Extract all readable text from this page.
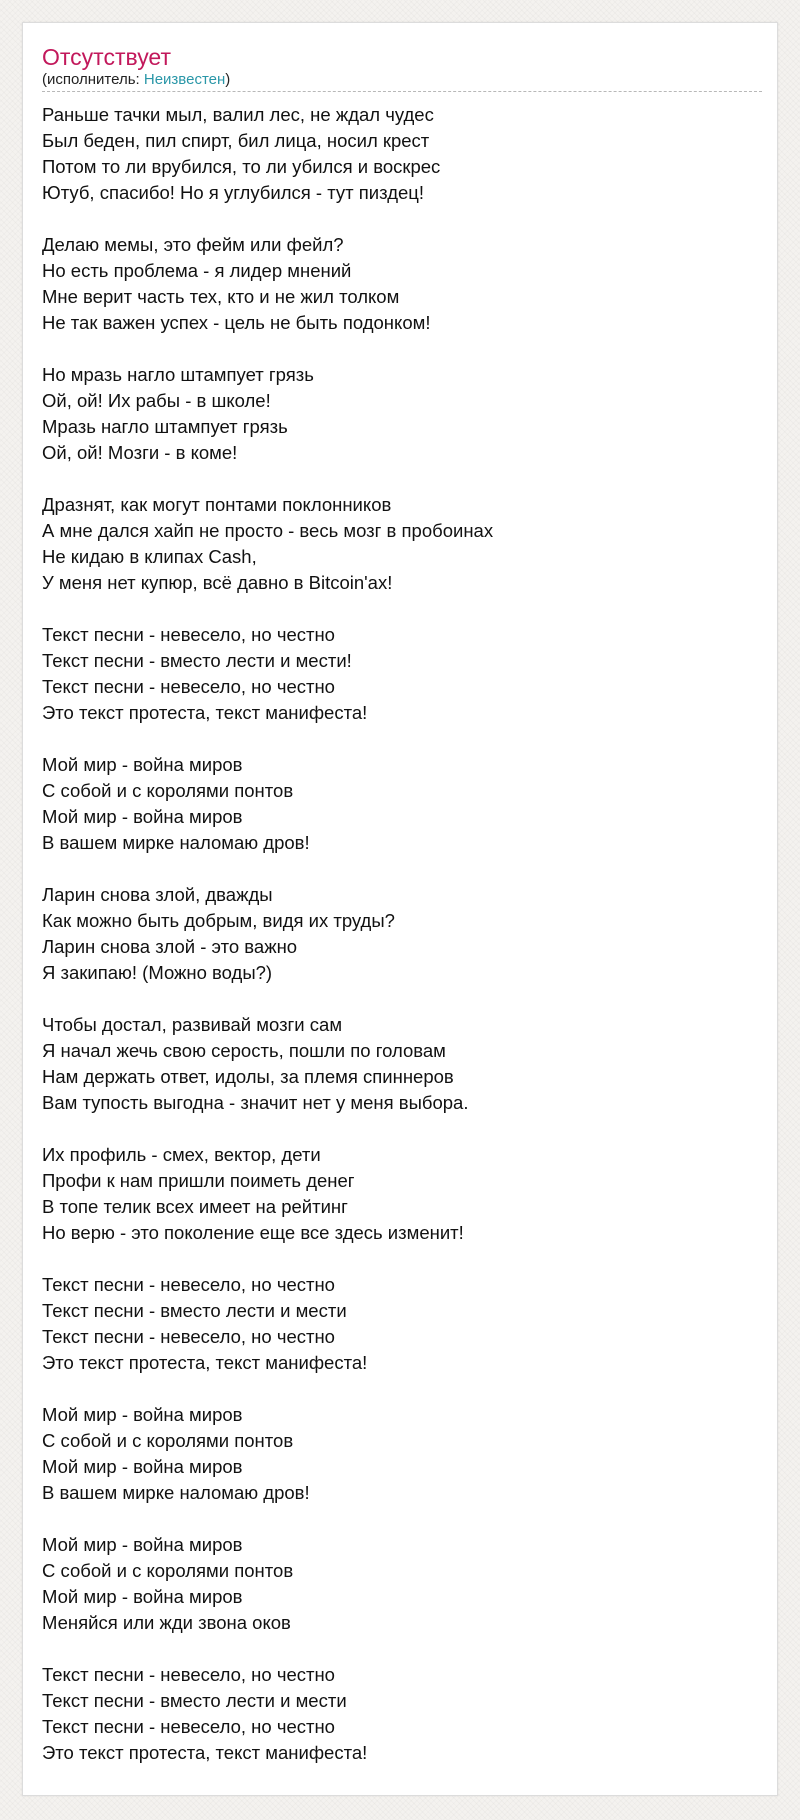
Отсутствует
(исполнитель: Неизвестен)
Раньше тачки мыл, валил лес, не ждал чудес
Был беден, пил спирт, бил лица, носил крест
Потом то ли врубился, то ли убился и воскрес
Ютуб, спасибо! Но я углубился - тут пиздец!
Делаю мемы, это фейм или фейл?
Но есть проблема - я лидер мнений
Мне верит часть тех, кто и не жил толком
Не так важен успех - цель не быть подонком!
Но мразь нагло штампует грязь
Ой, ой! Их рабы - в школе!
Мразь нагло штампует грязь
Ой, ой! Мозги - в коме!
Дразнят, как могут понтами поклонников
А мне дался хайп не просто - весь мозг в пробоинах
Не кидаю в клипах Cash,
У меня нет купюр, всё давно в Bitcoin'ах!
Текст песни - невесело, но честно
Текст песни - вместо лести и мести!
Текст песни - невесело, но честно
Это текст протеста, текст манифеста!
Мой мир - война миров
С собой и с королями понтов
Мой мир - война миров
В вашем мирке наломаю дров!
Ларин снова злой, дважды
Как можно быть добрым, видя их труды?
Ларин снова злой - это важно
Я закипаю! (Можно воды?)
Чтобы достал, развивай мозги сам
Я начал жечь свою серость, пошли по головам
Нам держать ответ, идолы, за племя спиннеров
Вам тупость выгодна - значит нет у меня выбора.
Их профиль - смех, вектор, дети
Профи к нам пришли поиметь денег
В топе телик всех имеет на рейтинг
Но верю - это поколение еще все здесь изменит!
Текст песни - невесело, но честно
Текст песни - вместо лести и мести
Текст песни - невесело, но честно
Это текст протеста, текст манифеста!
Мой мир - война миров
С собой и с королями понтов
Мой мир - война миров
В вашем мирке наломаю дров!
Мой мир - война миров
С собой и с королями понтов
Мой мир - война миров
Меняйся или жди звона оков
Текст песни - невесело, но честно
Текст песни - вместо лести и мести
Текст песни - невесело, но честно
Это текст протеста, текст манифеста!
